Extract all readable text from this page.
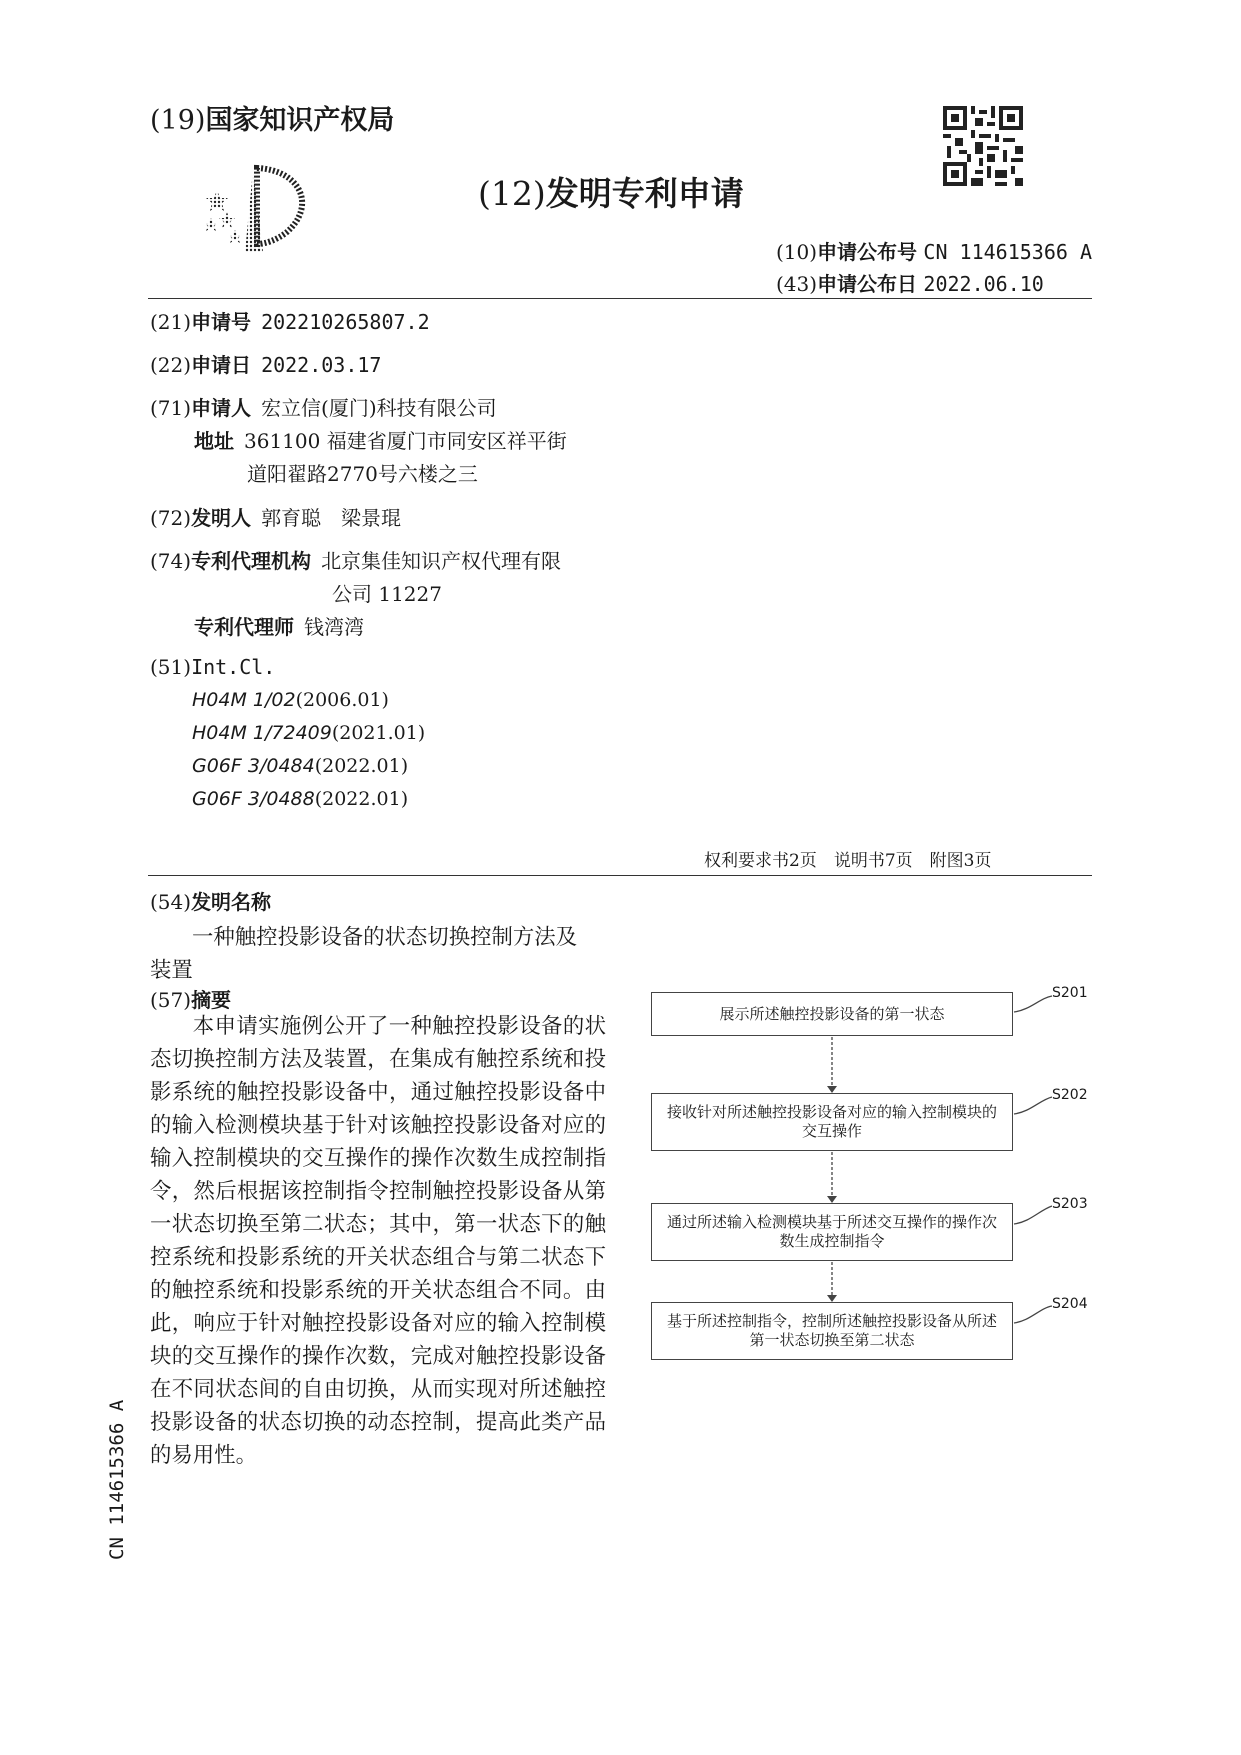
(19)国家知识产权局
(12)发明专利申请
(10)申请公布号 CN 114615366 A
(43)申请公布日 2022.06.10
(21)申请号 202210265807.2
(22)申请日 2022.03.17
(71)申请人 宏立信(厦门)科技有限公司
地址 361100 福建省厦门市同安区祥平街
道阳翟路2770号六楼之三
(72)发明人 郭育聪　梁景琨
(74)专利代理机构 北京集佳知识产权代理有限
公司 11227
专利代理师 钱湾湾
(51)Int.Cl.
H04M 1/02(2006.01)
H04M 1/72409(2021.01)
G06F 3/0484(2022.01)
G06F 3/0488(2022.01)
权利要求书2页　说明书7页　附图3页
(54)发明名称
一种触控投影设备的状态切换控制方法及
装置
(57)摘要

本申请实施例公开了一种触控投影设备的状态切换控制方法及装置，在集成有触控系统和投影系统的触控投影设备中，通过触控投影设备中的输入检测模块基于针对该触控投影设备对应的输入控制模块的交互操作的操作次数生成控制指令，然后根据该控制指令控制触控投影设备从第一状态切换至第二状态；其中，第一状态下的触控系统和投影系统的开关状态组合与第二状态下的触控系统和投影系统的开关状态组合不同。由此，响应于针对触控投影设备对应的输入控制模块的交互操作的操作次数，完成对触控投影设备在不同状态间的自由切换，从而实现对所述触控投影设备的状态切换的动态控制，提高此类产品的易用性。

展示所述触控投影设备的第一状态
接收针对所述触控投影设备对应的输入控制模块的交互操作
通过所述输入检测模块基于所述交互操作的操作次数生成控制指令
基于所述控制指令，控制所述触控投影设备从所述第一状态切换至第二状态
S201
S202
S203
S204
CN 114615366 A
